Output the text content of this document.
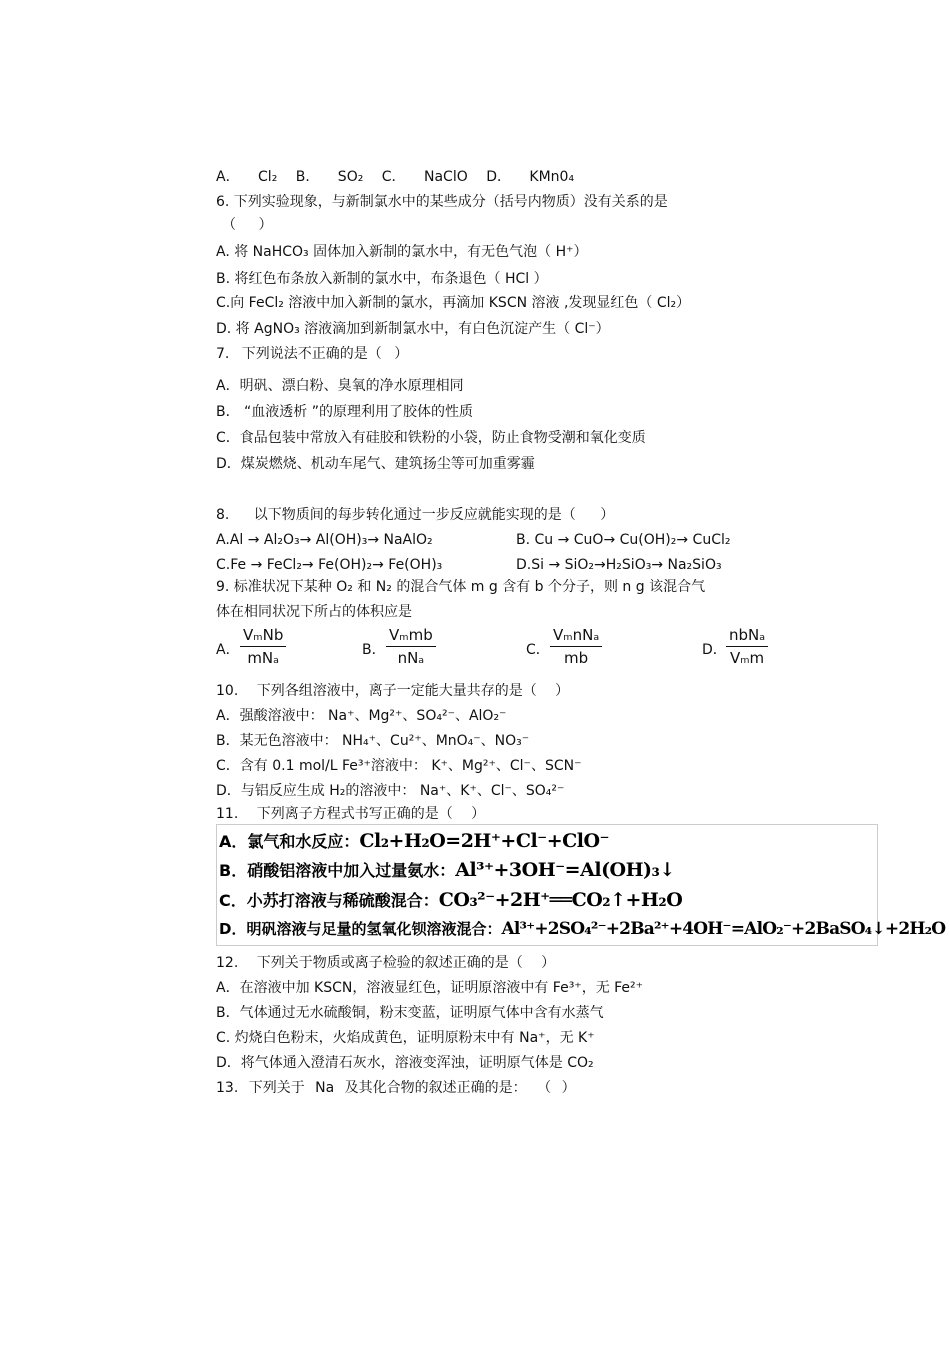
A． Cl₂ B． SO₂ C． NaClO D． KMn0₄
6. 下列实验现象，与新制氯水中的某些成分（括号内物质）没有关系的是
（ ）
A. 将 NaHCO₃ 固体加入新制的氯水中，有无色气泡（ H⁺）
B. 将红色布条放入新制的氯水中，布条退色（ HCl ）
C.向 FeCl₂ 溶液中加入新制的氯水，再滴加 KSCN 溶液 ,发现显红色（ Cl₂）
D. 将 AgNO₃ 溶液滴加到新制氯水中，有白色沉淀产生（ Cl⁻）
7. 下列说法不正确的是（ ）
A．明矾、漂白粉、臭氧的净水原理相同
B． “血液透析 ”的原理利用了胶体的性质
C．食品包装中常放入有硅胶和铁粉的小袋，防止食物受潮和氧化变质
D．煤炭燃烧、机动车尾气、建筑扬尘等可加重雾霾
8. 以下物质间的每步转化通过一步反应就能实现的是（ ）
A.Al → Al₂O₃→ Al(OH)₃→ NaAlO₂	B. Cu → CuO→ Cu(OH)₂→ CuCl₂
C.Fe → FeCl₂→ Fe(OH)₂→ Fe(OH)₃	D.Si → SiO₂→H₂SiO₃→ Na₂SiO₃
9. 标准状况下某种 O₂ 和 N₂ 的混合气体 m g 含有 b 个分子，则 n g 该混合气
体在相同状况下所占的体积应是
A．
VₘNb
mNₐ	B．
Vₘmb
nNₐ	C．
VₘnNₐ
mb	D．
nbNₐ
Vₘm
10. 下列各组溶液中，离子一定能大量共存的是（ ）
A．强酸溶液中： Na⁺、Mg²⁺、SO₄²⁻、AlO₂⁻
B．某无色溶液中： NH₄⁺、Cu²⁺、MnO₄⁻、NO₃⁻
C．含有 0.1 mol/L Fe³⁺溶液中： K⁺、Mg²⁺、Cl⁻、SCN⁻
D．与铝反应生成 H₂的溶液中： Na⁺、K⁺、Cl⁻、SO₄²⁻
11. 下列离子方程式书写正确的是（ ）
A．氯气和水反应：Cl₂+H₂O=2H⁺+Cl⁻+ClO⁻
B．硝酸铝溶液中加入过量氨水：Al³⁺+3OH⁻=Al(OH)₃↓
C．小苏打溶液与稀硫酸混合：CO₃²⁻+2H⁺══CO₂↑+H₂O
D．明矾溶液与足量的氢氧化钡溶液混合：Al³⁺+2SO₄²⁻+2Ba²⁺+4OH⁻=AlO₂⁻+2BaSO₄↓+2H₂O
12. 下列关于物质或离子检验的叙述正确的是（ ）
A．在溶液中加 KSCN，溶液显红色，证明原溶液中有 Fe³⁺，无 Fe²⁺
B．气体通过无水硫酸铜，粉末变蓝，证明原气体中含有水蒸气
C. 灼烧白色粉末，火焰成黄色，证明原粉末中有 Na⁺，无 K⁺
D．将气体通入澄清石灰水，溶液变浑浊，证明原气体是 CO₂
13. 下列关于 Na 及其化合物的叙述正确的是： （ ）
